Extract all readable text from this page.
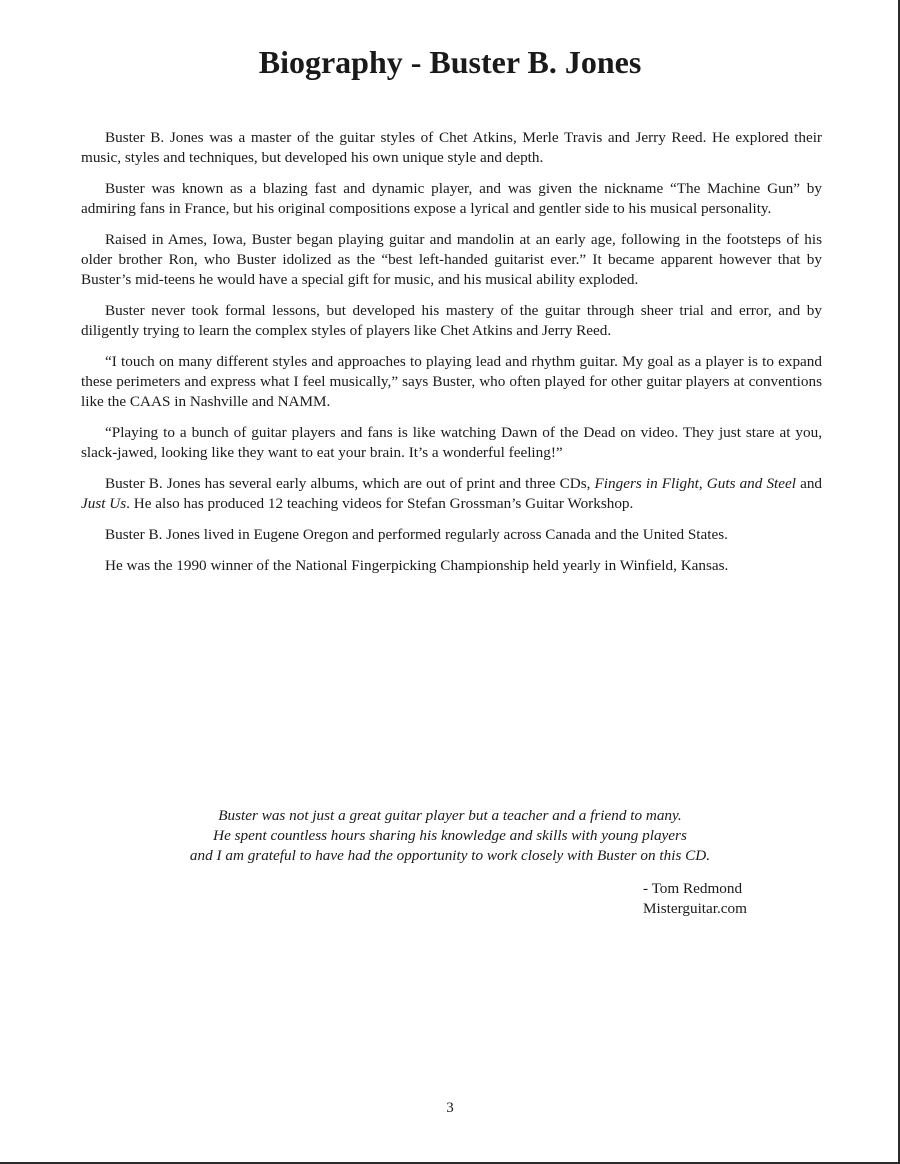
Biography - Buster B. Jones

Buster B. Jones was a master of the guitar styles of Chet Atkins, Merle Travis and Jerry Reed. He explored their music, styles and techniques, but developed his own unique style and depth.

Buster was known as a blazing fast and dynamic player, and was given the nickname “The Machine Gun” by admiring fans in France, but his original compositions expose a lyrical and gentler side to his musical personality.

Raised in Ames, Iowa, Buster began playing guitar and mandolin at an early age, following in the footsteps of his older brother Ron, who Buster idolized as the “best left-handed guitarist ever.” It became apparent however that by Buster’s mid-teens he would have a special gift for music, and his musical ability exploded.

Buster never took formal lessons, but developed his mastery of the guitar through sheer trial and error, and by diligently trying to learn the complex styles of players like Chet Atkins and Jerry Reed.

“I touch on many different styles and approaches to playing lead and rhythm guitar. My goal as a player is to expand these perimeters and express what I feel musically,” says Buster, who often played for other guitar players at conventions like the CAAS in Nashville and NAMM.

“Playing to a bunch of guitar players and fans is like watching Dawn of the Dead on video. They just stare at you, slack-jawed, looking like they want to eat your brain. It’s a wonderful feeling!”

Buster B. Jones has several early albums, which are out of print and three CDs, Fingers in Flight, Guts and Steel and Just Us. He also has produced 12 teaching videos for Stefan Grossman’s Guitar Workshop.

Buster B. Jones lived in Eugene Oregon and performed regularly across Canada and the United States.

He was the 1990 winner of the National Fingerpicking Championship held yearly in Winfield, Kansas.

Buster was not just a great guitar player but a teacher and a friend to many.
He spent countless hours sharing his knowledge and skills with young players
and I am grateful to have had the opportunity to work closely with Buster on this CD.
- Tom Redmond
Misterguitar.com
3
